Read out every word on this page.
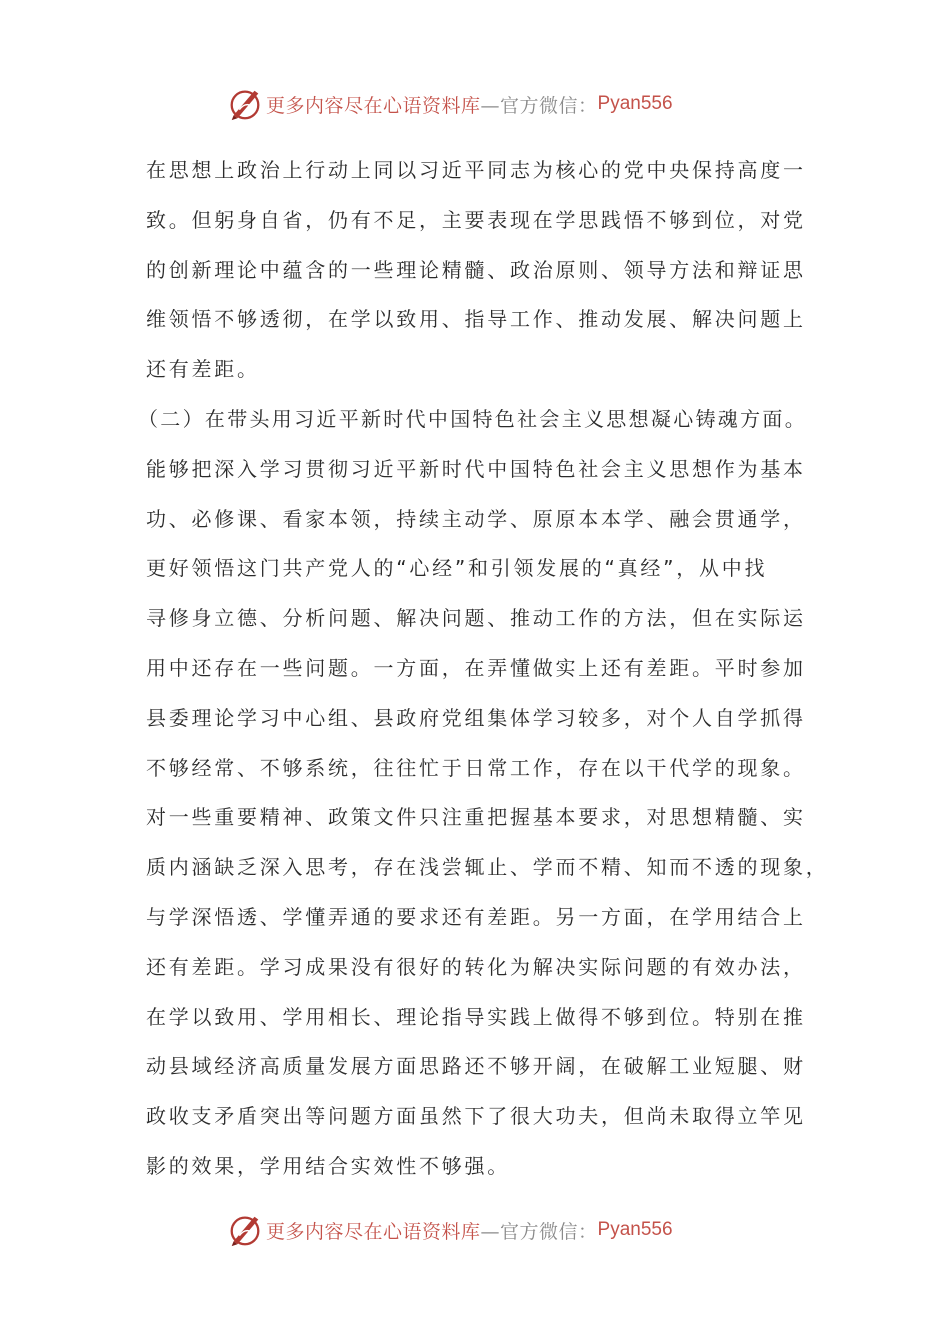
更多内容尽在心语资料库 —官方微信： Pyan556
在思想上政治上行动上同以习近平同志为核心的党中央保持高度一
致。但躬身自省，仍有不足，主要表现在学思践悟不够到位，对党
的创新理论中蕴含的一些理论精髓、政治原则、领导方法和辩证思
维领悟不够透彻，在学以致用、指导工作、推动发展、解决问题上
还有差距。
（二）在带头用习近平新时代中国特色社会主义思想凝心铸魂方面。
能够把深入学习贯彻习近平新时代中国特色社会主义思想作为基本
功、必修课、看家本领，持续主动学、原原本本学、融会贯通学，
更好领悟这门共产党人的“心经”和引领发展的“真经”，从中找
寻修身立德、分析问题、解决问题、推动工作的方法，但在实际运
用中还存在一些问题。一方面，在弄懂做实上还有差距。平时参加
县委理论学习中心组、县政府党组集体学习较多，对个人自学抓得
不够经常、不够系统，往往忙于日常工作，存在以干代学的现象。
对一些重要精神、政策文件只注重把握基本要求，对思想精髓、实
质内涵缺乏深入思考，存在浅尝辄止、学而不精、知而不透的现象，
与学深悟透、学懂弄通的要求还有差距。另一方面，在学用结合上
还有差距。学习成果没有很好的转化为解决实际问题的有效办法，
在学以致用、学用相长、理论指导实践上做得不够到位。特别在推
动县域经济高质量发展方面思路还不够开阔，在破解工业短腿、财
政收支矛盾突出等问题方面虽然下了很大功夫，但尚未取得立竿见
影的效果，学用结合实效性不够强。
更多内容尽在心语资料库 —官方微信： Pyan556
